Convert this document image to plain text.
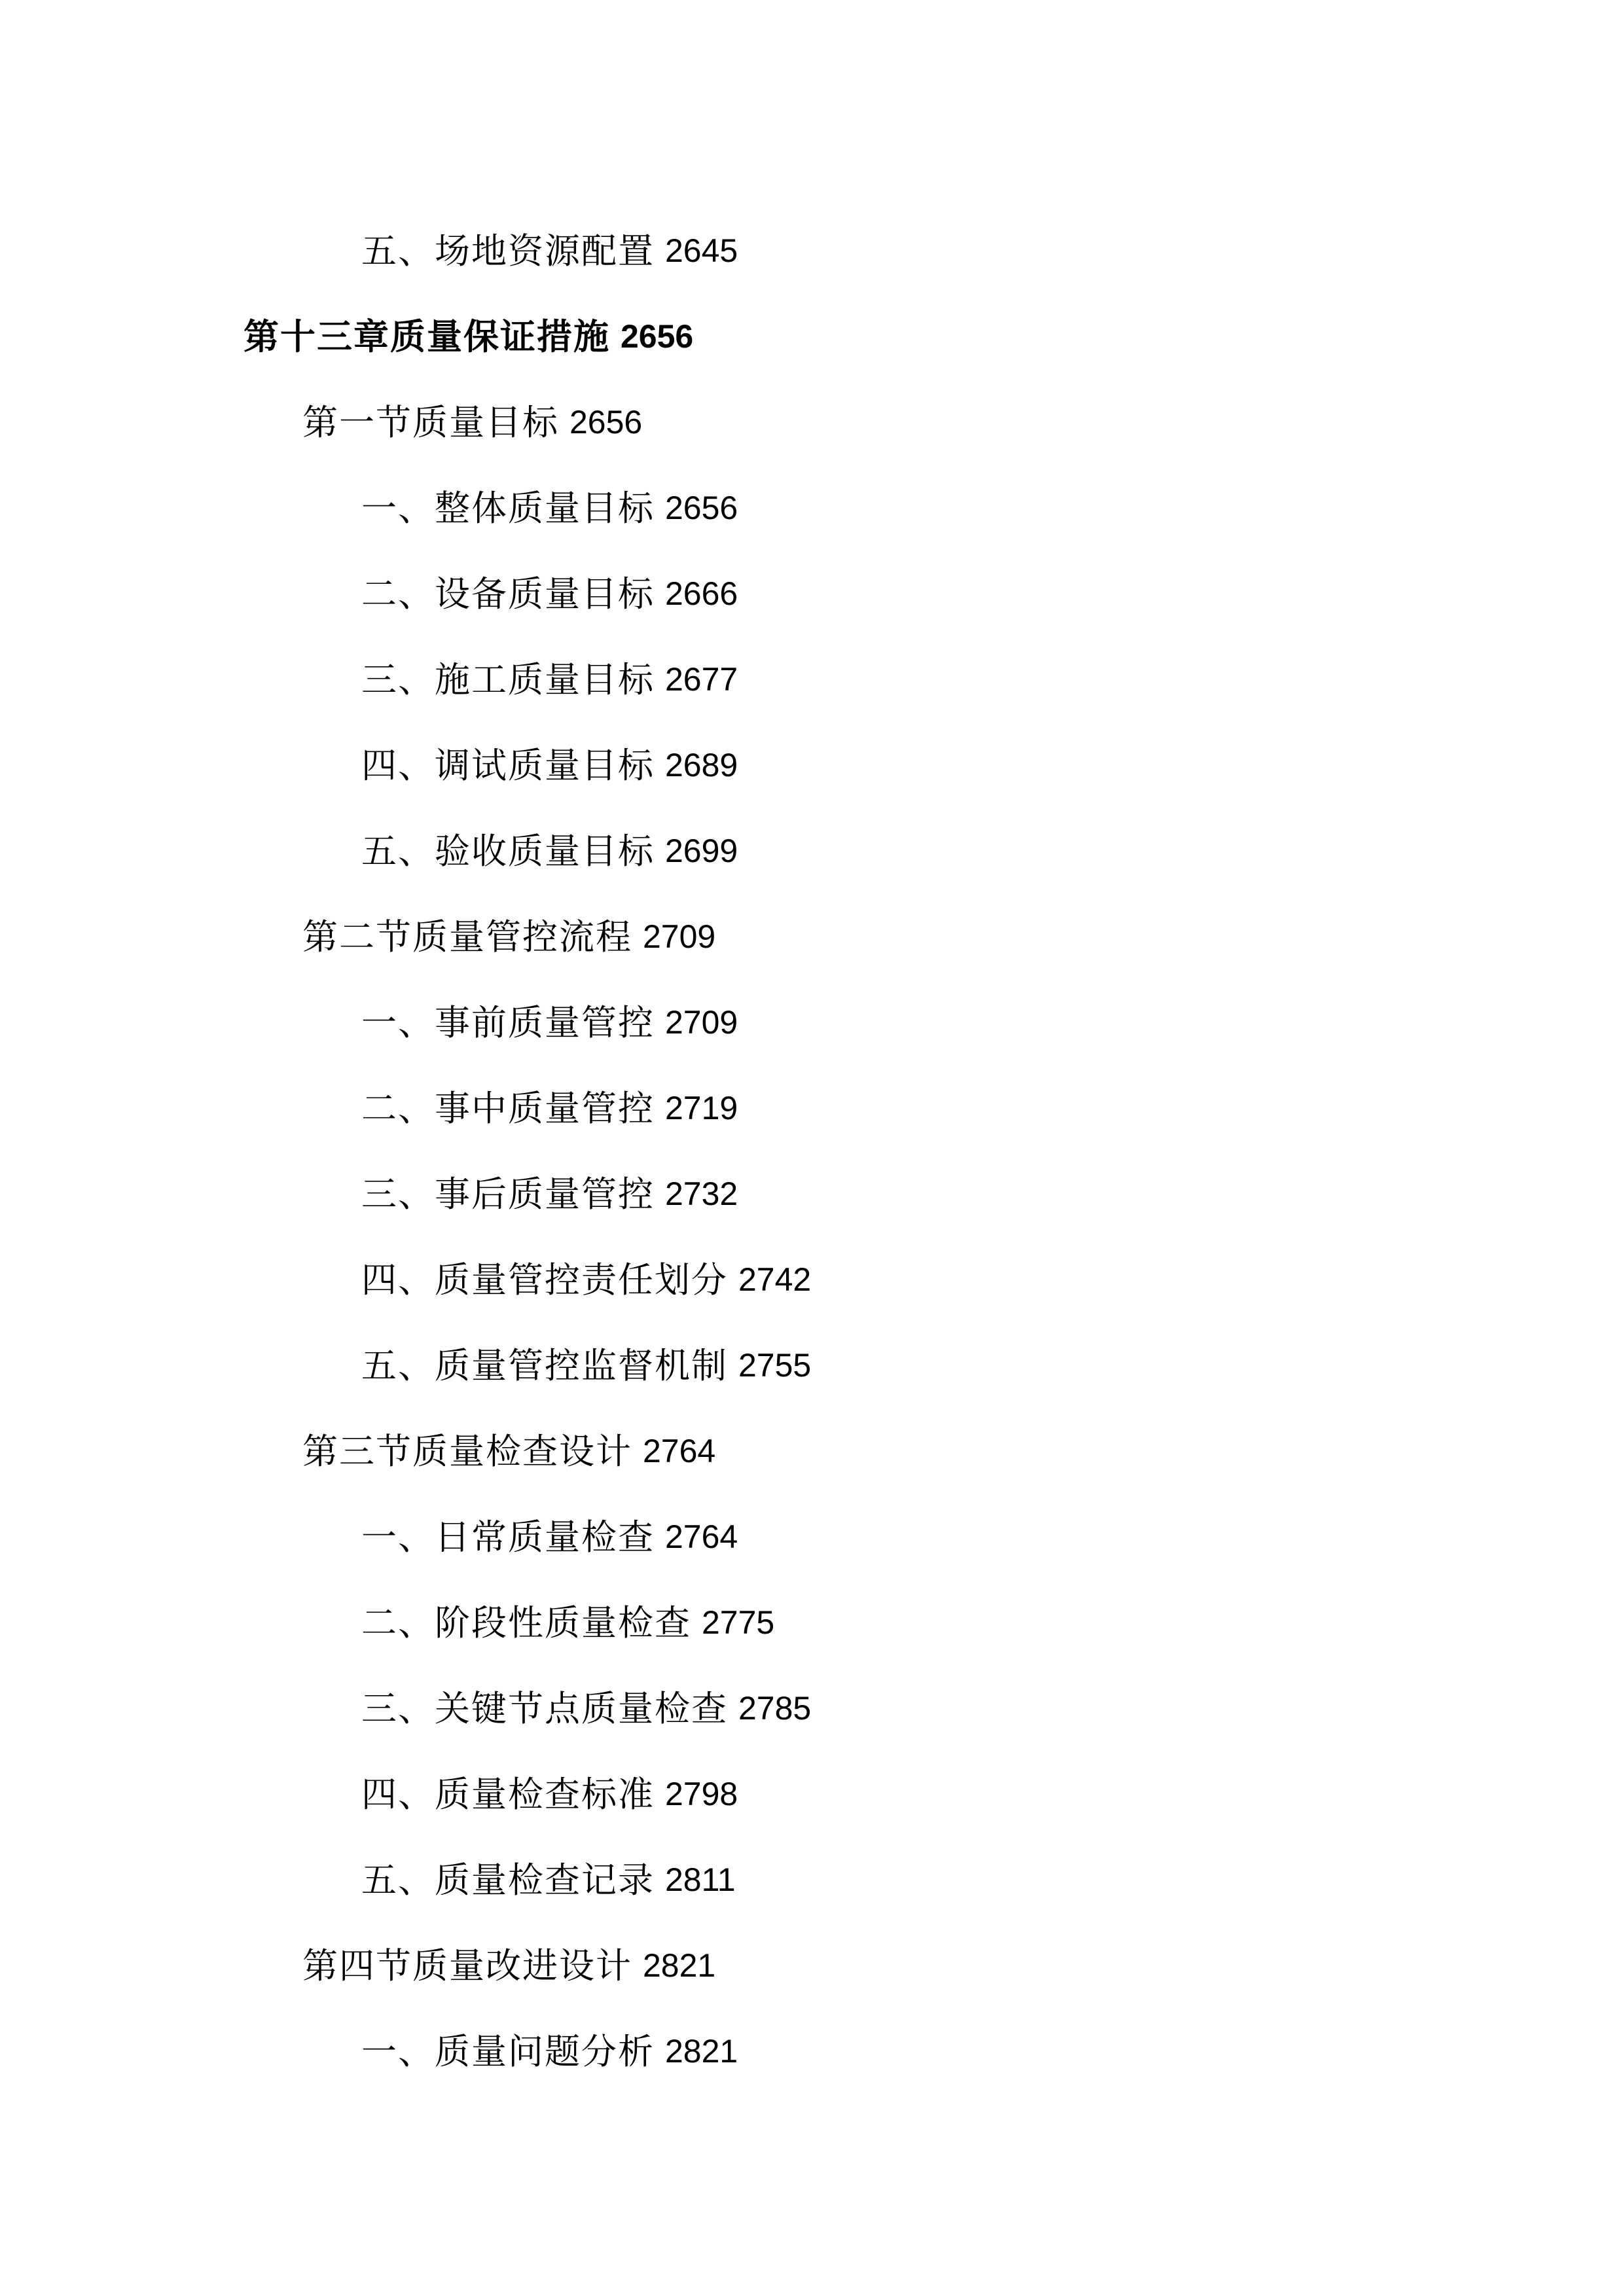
五、场地资源配置 2645
第十三章质量保证措施 2656
第一节质量目标 2656
一、整体质量目标 2656
二、设备质量目标 2666
三、施工质量目标 2677
四、调试质量目标 2689
五、验收质量目标 2699
第二节质量管控流程 2709
一、事前质量管控 2709
二、事中质量管控 2719
三、事后质量管控 2732
四、质量管控责任划分 2742
五、质量管控监督机制 2755
第三节质量检查设计 2764
一、日常质量检查 2764
二、阶段性质量检查 2775
三、关键节点质量检查 2785
四、质量检查标准 2798
五、质量检查记录 2811
第四节质量改进设计 2821
一、质量问题分析 2821
